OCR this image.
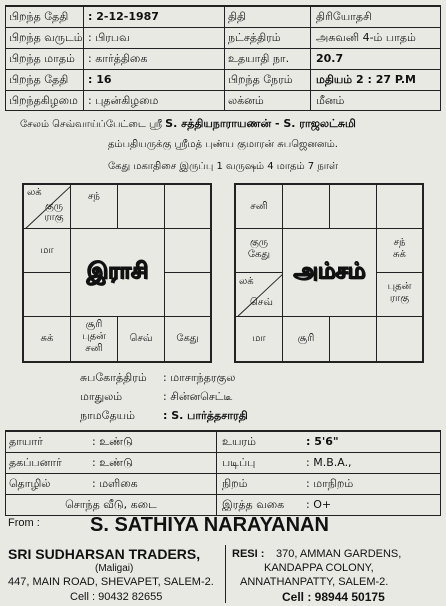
பிறந்த தேதி : 2-12-1987	திதி	திரியோதசி
பிறந்த வருடம் : பிரபவ	நட்சத்திரம்	அசுவனி 4-ம் பாதம்
பிறந்த மாதம் : கார்த்திகை	உதயாதி நா. 20.7
பிறந்த தேதி : 16	பிறந்த நேரம் மதியம் 2 : 27 P.M
பிறந்தகிழமை : புதன்கிழமை	லக்னம்	மீனம்
சேலம் செவ்வாய்ப்பேட்டை ஸ்ரீ S. சத்தியநாராயணன் - S. ராஜலட்சுமி
தம்பதியருக்கு ஸ்ரீமத் புண்ய குமாரன் சுபஜெனனம்.
கேது மகாதிசை இருப்பு 1 வருஷம் 4 மாதம் 7 நாள்
லக்
குரு ராகு
சந்
மா
இராசி
சுக்
சூரி புதன் சனி
செவ்	கேது
சனி
குரு கேது
சந் சுக்
லக்
செவ்
புதன் ராகு
அம்சம்
மா	சூரி
சுபகோத்திரம் : மாசாந்தரகுல
மாதுலம்	: சின்னசெட்டீ
நாமதேயம்	: S. பார்த்தசாரதி
தாயார்	: உண்டு	உயரம்	: 5'6"
தகப்பனார்	: உண்டு	படிப்பு	: M.B.A.,
தொழில்	: மளிகை	நிறம்	: மாநிறம்
சொந்த வீடு, கடை	இரத்த வகை : O+
From :	S. SATHIYA NARAYANAN
SRI SUDHARSAN TRADERS,
(Maligai)
447, MAIN ROAD, SHEVAPET, SALEM-2.
Cell : 90432 82655
RESI : 370, AMMAN GARDENS,
KANDAPPA COLONY,
ANNATHANPATTY, SALEM-2.
Cell : 98944 50175
